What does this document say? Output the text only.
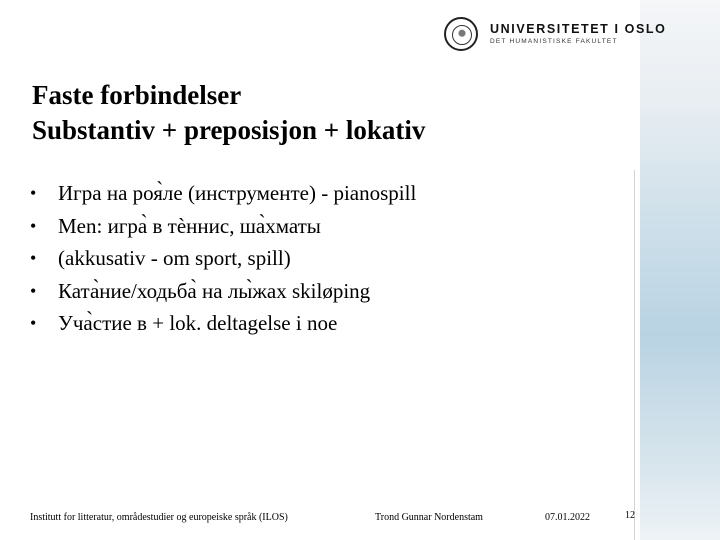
UNIVERSITETET I OSLO
DET HUMANISTISKE FAKULTET
Faste forbindelser
Substantiv + preposisjon + lokativ
•	Игра на роя̀ле (инструменте) - pianospill
•	Men: игра̀ в тѐннис, ша̀хматы
•	(akkusativ - om sport, spill)
•	Ката̀ние/ходьба̀ на лы̀жах skiløping
•	Уча̀стие в + lok. deltagelse i noe
Institutt for litteratur, områdestudier og europeiske språk (ILOS)	Trond Gunnar Nordenstam	07.01.2022	12
